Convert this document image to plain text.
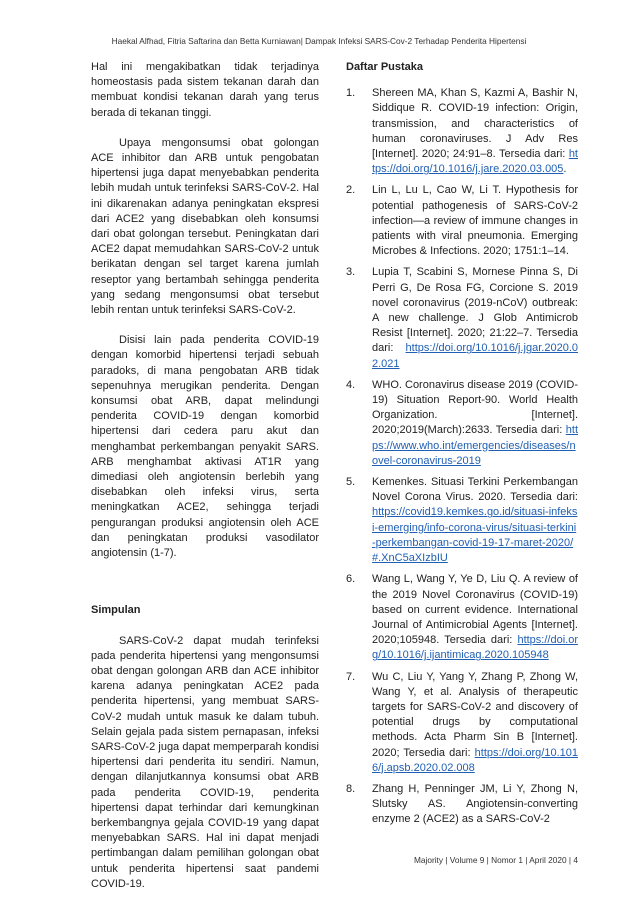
Haekal Alfhad, Fitria Saftarina dan Betta Kurniawan| Dampak Infeksi SARS-Cov-2 Terhadap Penderita Hipertensi

Hal ini mengakibatkan tidak terjadinya homeostasis pada sistem tekanan darah dan membuat kondisi tekanan darah yang terus berada di tekanan tinggi.

Upaya mengonsumsi obat golongan ACE inhibitor dan ARB untuk pengobatan hipertensi juga dapat menyebabkan penderita lebih mudah untuk terinfeksi SARS-CoV-2. Hal ini dikarenakan adanya peningkatan ekspresi dari ACE2 yang disebabkan oleh konsumsi dari obat golongan tersebut. Peningkatan dari ACE2 dapat memudahkan SARS-CoV-2 untuk berikatan dengan sel target karena jumlah reseptor yang bertambah sehingga penderita yang sedang mengonsumsi obat tersebut lebih rentan untuk terinfeksi SARS-CoV-2.

Disisi lain pada penderita COVID-19 dengan komorbid hipertensi terjadi sebuah paradoks, di mana pengobatan ARB tidak sepenuhnya merugikan penderita. Dengan konsumsi obat ARB, dapat melindungi penderita COVID-19 dengan komorbid hipertensi dari cedera paru akut dan menghambat perkembangan penyakit SARS. ARB menghambat aktivasi AT1R yang dimediasi oleh angiotensin berlebih yang disebabkan oleh infeksi virus, serta meningkatkan ACE2, sehingga terjadi pengurangan produksi angiotensin oleh ACE dan peningkatan produksi vasodilator angiotensin (1-7).

Simpulan

SARS-CoV-2 dapat mudah terinfeksi pada penderita hipertensi yang mengonsumsi obat dengan golongan ARB dan ACE inhibitor karena adanya peningkatan ACE2 pada penderita hipertensi, yang membuat SARS-CoV-2 mudah untuk masuk ke dalam tubuh. Selain gejala pada sistem pernapasan, infeksi SARS-CoV-2 juga dapat memperparah kondisi hipertensi dari penderita itu sendiri. Namun, dengan dilanjutkannya konsumsi obat ARB pada penderita COVID-19, penderita hipertensi dapat terhindar dari kemungkinan berkembangnya gejala COVID-19 yang dapat menyebabkan SARS. Hal ini dapat menjadi pertimbangan dalam pemilihan golongan obat untuk penderita hipertensi saat pandemi COVID-19.

Daftar Pustaka
1. Shereen MA, Khan S, Kazmi A, Bashir N, Siddique R. COVID-19 infection: Origin, transmission, and characteristics of human coronaviruses. J Adv Res [Internet]. 2020; 24:91–8. Tersedia dari: https://doi.org/10.1016/j.jare.2020.03.005.
2. Lin L, Lu L, Cao W, Li T. Hypothesis for potential pathogenesis of SARS-CoV-2 infection—a review of immune changes in patients with viral pneumonia. Emerging Microbes & Infections. 2020; 1751:1–14.
3. Lupia T, Scabini S, Mornese Pinna S, Di Perri G, De Rosa FG, Corcione S. 2019 novel coronavirus (2019-nCoV) outbreak: A new challenge. J Glob Antimicrob Resist [Internet]. 2020; 21:22–7. Tersedia dari: https://doi.org/10.1016/j.jgar.2020.02.021
4. WHO. Coronavirus disease 2019 (COVID-19) Situation Report-90. World Health Organization. [Internet]. 2020;2019(March):2633. Tersedia dari: https://www.who.int/emergencies/diseases/novel-coronavirus-2019
5. Kemenkes. Situasi Terkini Perkembangan Novel Corona Virus. 2020. Tersedia dari: https://covid19.kemkes.go.id/situasi-infeksi-emerging/info-corona-virus/situasi-terkini-perkembangan-covid-19-17-maret-2020/#.XnC5aXIzbIU
6. Wang L, Wang Y, Ye D, Liu Q. A review of the 2019 Novel Coronavirus (COVID-19) based on current evidence. International Journal of Antimicrobial Agents [Internet]. 2020;105948. Tersedia dari: https://doi.org/10.1016/j.ijantimicag.2020.105948
7. Wu C, Liu Y, Yang Y, Zhang P, Zhong W, Wang Y, et al. Analysis of therapeutic targets for SARS-CoV-2 and discovery of potential drugs by computational methods. Acta Pharm Sin B [Internet]. 2020; Tersedia dari: https://doi.org/10.1016/j.apsb.2020.02.008
8. Zhang H, Penninger JM, Li Y, Zhong N, Slutsky AS. Angiotensin-converting enzyme 2 (ACE2) as a SARS-CoV-2
Majority | Volume 9 | Nomor 1 | April 2020 | 4
